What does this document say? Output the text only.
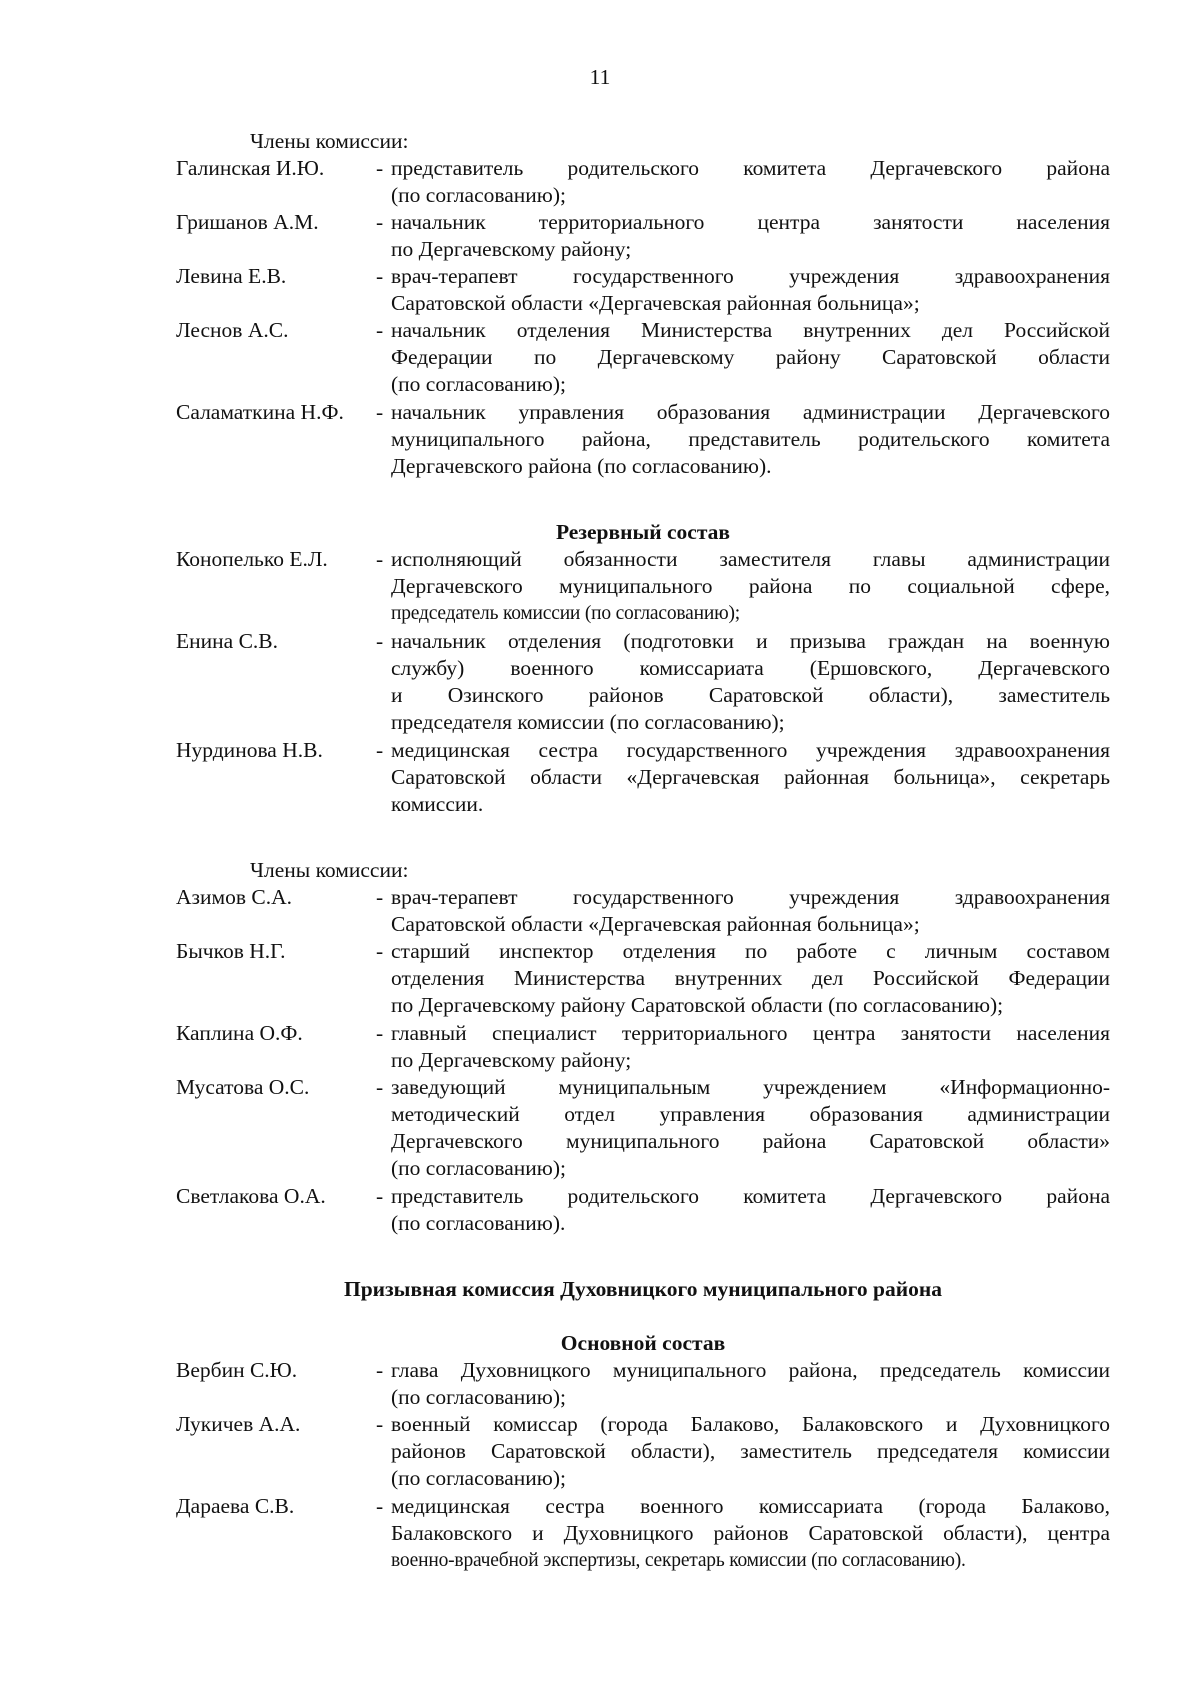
11
Члены комиссии:
Галинская И.Ю. - представитель родительского комитета Дергачевского района
(по согласованию);
Гришанов А.М.	- начальник территориального центра занятости населения
по Дергачевскому району;
Левина Е.В.	- врач-терапевт государственного учреждения здравоохранения
Саратовской области «Дергачевская районная больница»;
Леснов А.С.	- начальник отделения Министерства внутренних дел Российской
Федерации по Дергачевскому району Саратовской области
(по согласованию);
Саламаткина Н.Ф. - начальник управления образования администрации Дергачевского
муниципального района, представитель родительского комитета
Дергачевского района (по согласованию).
Резервный состав
Конопелько Е.Л. - исполняющий обязанности заместителя главы администрации
Дергачевского муниципального района по социальной сфере,
председатель комиссии (по согласованию);
Енина С.В.	- начальник отделения (подготовки и призыва граждан на военную
службу) военного комиссариата (Ершовского, Дергачевского
и Озинского районов Саратовской области), заместитель
председателя комиссии (по согласованию);
Нурдинова Н.В. - медицинская сестра государственного учреждения здравоохранения
Саратовской области «Дергачевская районная больница», секретарь
комиссии.
Члены комиссии:
Азимов С.А.	- врач-терапевт государственного учреждения здравоохранения
Саратовской области «Дергачевская районная больница»;
Бычков Н.Г.	- старший инспектор отделения по работе с личным составом
отделения Министерства внутренних дел Российской Федерации
по Дергачевскому району Саратовской области (по согласованию);
Каплина О.Ф.	- главный специалист территориального центра занятости населения
по Дергачевскому району;
Мусатова О.С.	- заведующий муниципальным учреждением «Информационно-
методический отдел управления образования администрации
Дергачевского муниципального района Саратовской области»
(по согласованию);
Светлакова О.А. - представитель родительского комитета Дергачевского района
(по согласованию).
Призывная комиссия Духовницкого муниципального района
Основной состав
Вербин С.Ю.	- глава Духовницкого муниципального района, председатель комиссии
(по согласованию);
Лукичев А.А.	- военный комиссар (города Балаково, Балаковского и Духовницкого
районов Саратовской области), заместитель председателя комиссии
(по согласованию);
Дараева С.В.	- медицинская сестра военного комиссариата (города Балаково,
Балаковского и Духовницкого районов Саратовской области), центра
военно-врачебной экспертизы, секретарь комиссии (по согласованию).
